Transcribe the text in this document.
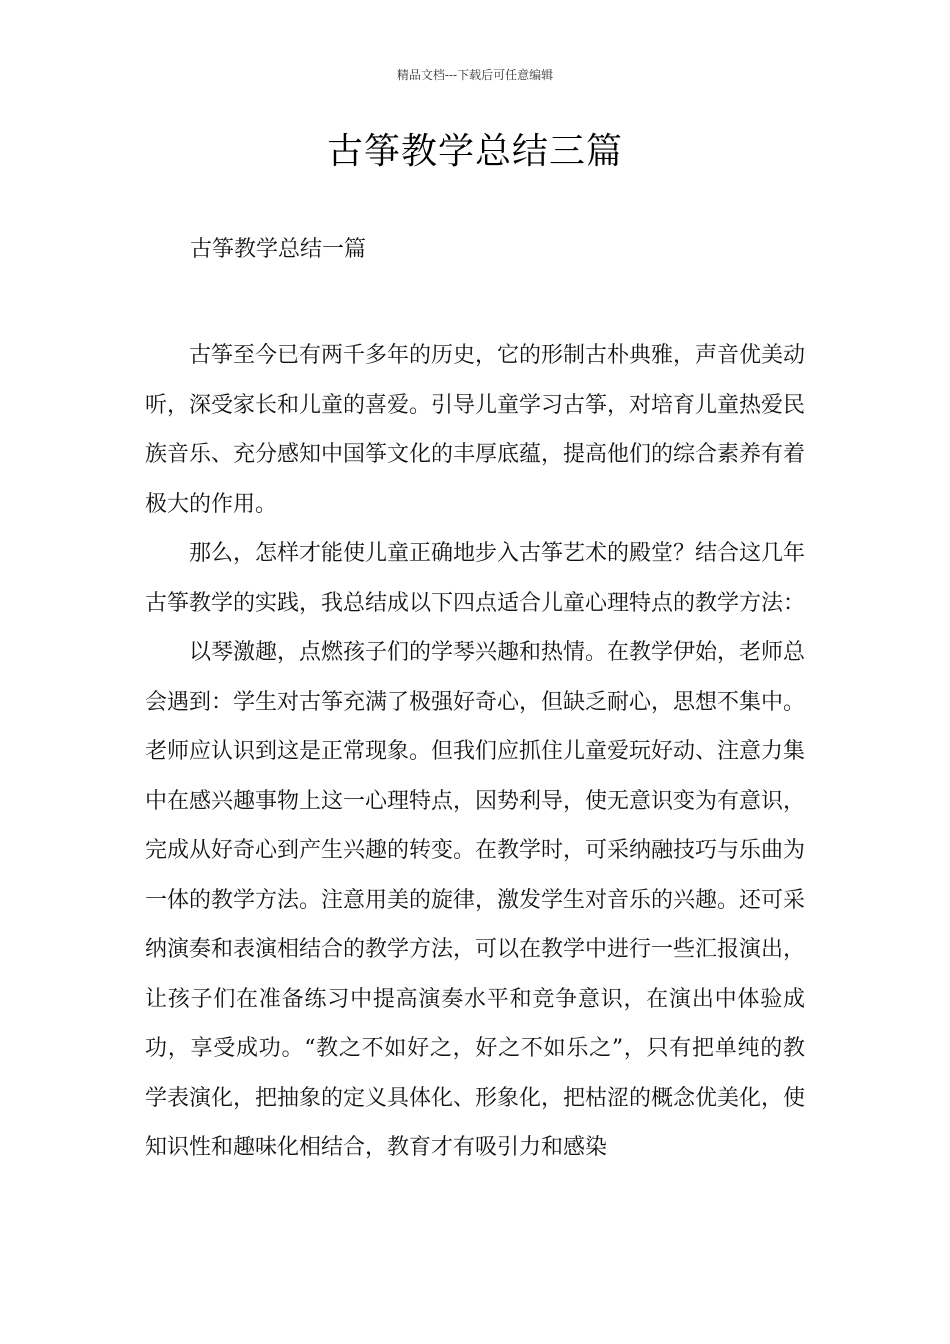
精品文档---下载后可任意编辑
古筝教学总结三篇
古筝教学总结一篇

古筝至今已有两千多年的历史，它的形制古朴典雅，声音优美动听，深受家长和儿童的喜爱。引导儿童学习古筝，对培育儿童热爱民族音乐、充分感知中国筝文化的丰厚底蕴，提高他们的综合素养有着极大的作用。

那么，怎样才能使儿童正确地步入古筝艺术的殿堂？结合这几年古筝教学的实践，我总结成以下四点适合儿童心理特点的教学方法：

以琴激趣，点燃孩子们的学琴兴趣和热情。在教学伊始，老师总会遇到：学生对古筝充满了极强好奇心，但缺乏耐心，思想不集中。老师应认识到这是正常现象。但我们应抓住儿童爱玩好动、注意力集中在感兴趣事物上这一心理特点，因势利导，使无意识变为有意识，完成从好奇心到产生兴趣的转变。在教学时，可采纳融技巧与乐曲为一体的教学方法。注意用美的旋律，激发学生对音乐的兴趣。还可采纳演奏和表演相结合的教学方法，可以在教学中进行一些汇报演出，让孩子们在准备练习中提高演奏水平和竞争意识，在演出中体验成功，享受成功。“教之不如好之，好之不如乐之”，只有把单纯的教学表演化，把抽象的定义具体化、形象化，把枯涩的概念优美化，使知识性和趣味化相结合，教育才有吸引力和感染
